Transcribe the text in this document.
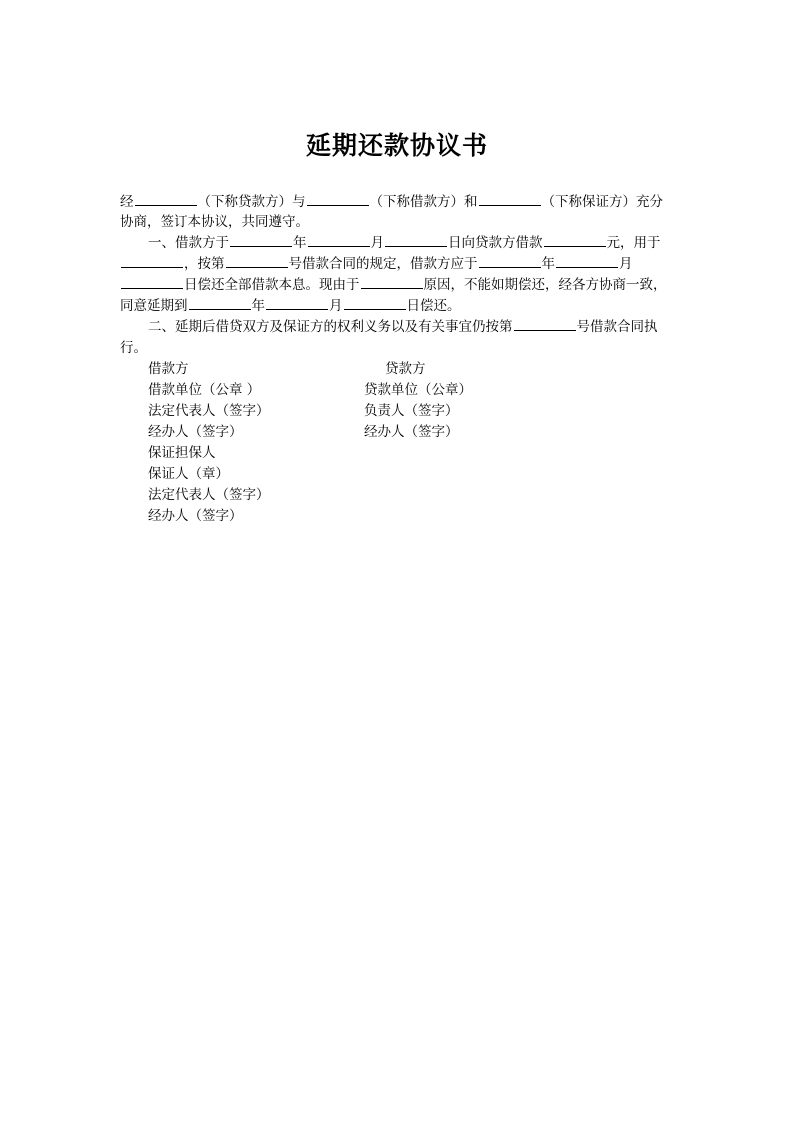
延期还款协议书
经	（下称贷款方）与	（下称借款方）和	（下称保证方）充分
协商，签订本协议，共同遵守。
一、借款方于	年	月	日向贷款方借款	元，用于
，按第	号借款合同的规定，借款方应于	年	月
日偿还全部借款本息。现由于	原因，不能如期偿还，经各方协商一致，
同意延期到	年	月	日偿还。
二、延期后借贷双方及保证方的权利义务以及有关事宜仍按第	号借款合同执
行。
借款方	贷款方
借款单位（公章 ）	贷款单位（公章）
法定代表人（签字）	负责人（签字）
经办人（签字）	经办人（签字）
保证担保人
保证人（章）
法定代表人（签字）
经办人（签字）
